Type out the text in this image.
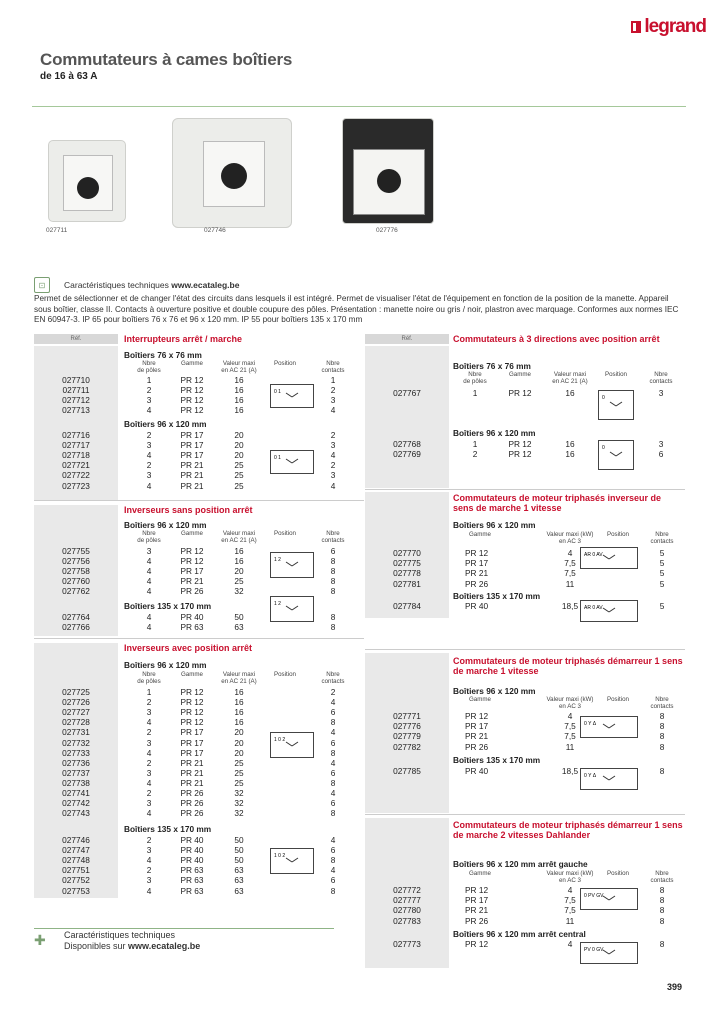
legrand
Commutateurs à cames boîtiers
de 16 à 63 A
027711	027746	027776
⊡	Caractéristiques techniques www.ecataleg.be
Permet de sélectionner et de changer l'état des circuits dans lesquels il est intégré. Permet de visualiser l'état de l'équipement en fonction de la position de la manette. Appareil sous boîtier, classe II. Contacts à ouverture positive et double coupure des pôles. Présentation : manette noire ou gris / noir, plastron avec marquage. Conformes aux normes IEC EN 60947-3. IP 65 pour boîtiers 76 x 76 et 96 x 120 mm. IP 55 pour boîtiers 135 x 170 mm
Réf.	Réf.
Interrupteurs arrêt / marche
Boîtiers 76 x 76 mm
Nbre
de pôles
Gamme	Valeur maxi
en AC 21 (A)
Position	Nbre
contacts
027710	1	PR 12	16	1
027711	2	PR 12	16	2
027712	3	PR 12	16	3
027713	4	PR 12	16	4
Boîtiers 96 x 120 mm
027716	2	PR 17	20	2
027717	3	PR 17	20	3
027718	4	PR 17	20	4
027721	2	PR 21	25	2
027722	3	PR 21	25	3
027723	4	PR 21	25	4
0 1
0 1
Inverseurs sans position arrêt
Boîtiers 96 x 120 mm
Nbre
de pôles
Gamme	Valeur maxi
en AC 21 (A)
Position	Nbre
contacts
027755	3	PR 12	16	6
027756	4	PR 12	16	8
027758	4	PR 17	20	8
027760	4	PR 21	25	8
027762	4	PR 26	32	8
Boîtiers 135 x 170 mm
027764	4	PR 40	50	8
027766	4	PR 63	63	8
1 2
1 2
Inverseurs avec position arrêt
Boîtiers 96 x 120 mm
Nbre
de pôles
Gamme	Valeur maxi
en AC 21 (A)
Position	Nbre
contacts
027725	1	PR 12	16	2
027726	2	PR 12	16	4
027727	3	PR 12	16	6
027728	4	PR 12	16	8
027731	2	PR 17	20	4
027732	3	PR 17	20	6
027733	4	PR 17	20	8
027736	2	PR 21	25	4
027737	3	PR 21	25	6
027738	4	PR 21	25	8
027741	2	PR 26	32	4
027742	3	PR 26	32	6
027743	4	PR 26	32	8
Boîtiers 135 x 170 mm
027746	2	PR 40	50	4
027747	3	PR 40	50	6
027748	4	PR 40	50	8
027751	2	PR 63	63	4
027752	3	PR 63	63	6
027753	4	PR 63	63	8
1 0 2
1 0 2
Commutateurs à 3 directions avec position arrêt
Boîtiers 76 x 76 mm
Nbre
de pôles
Gamme	Valeur maxi
en AC 21 (A)
Position	Nbre
contacts
027767	1	PR 12	16	3
0
Boîtiers 96 x 120 mm
027768	1	PR 12	16	3
027769	2	PR 12	16	6
0
Commutateurs de moteur triphasés inverseur de sens de marche 1 vitesse
Boîtiers 96 x 120 mm
Gamme	Valeur maxi (kW)
en AC 3
Position	Nbre
contacts
027770	PR 12	4	5
027775	PR 17	7,5	5
027778	PR 21	7,5	5
027781	PR 26	11	5
AR 0 AV
Boîtiers 135 x 170 mm
027784	PR 40	18,5	5
AR 0 AV
Commutateurs de moteur triphasés démarreur 1 sens de marche 1 vitesse
Boîtiers 96 x 120 mm
Gamme	Valeur maxi (kW)
en AC 3
Position	Nbre
contacts
027771	PR 12	4	8
027776	PR 17	7,5	8
027779	PR 21	7,5	8
027782	PR 26	11	8
0 Y Δ
Boîtiers 135 x 170 mm
027785	PR 40	18,5	8
0 Y Δ
Commutateurs de moteur triphasés démarreur 1 sens de marche 2 vitesses Dahlander
Boîtiers 96 x 120 mm arrêt gauche
Gamme	Valeur maxi (kW)
en AC 3
Position	Nbre
contacts
027772	PR 12	4	8
027777	PR 17	7,5	8
027780	PR 21	7,5	8
027783	PR 26	11	8
0 PV GV
Boîtiers 96 x 120 mm arrêt central
027773	PR 12	4	8
PV 0 GV
✚ Caractéristiques techniques
Disponibles sur www.ecataleg.be
399
